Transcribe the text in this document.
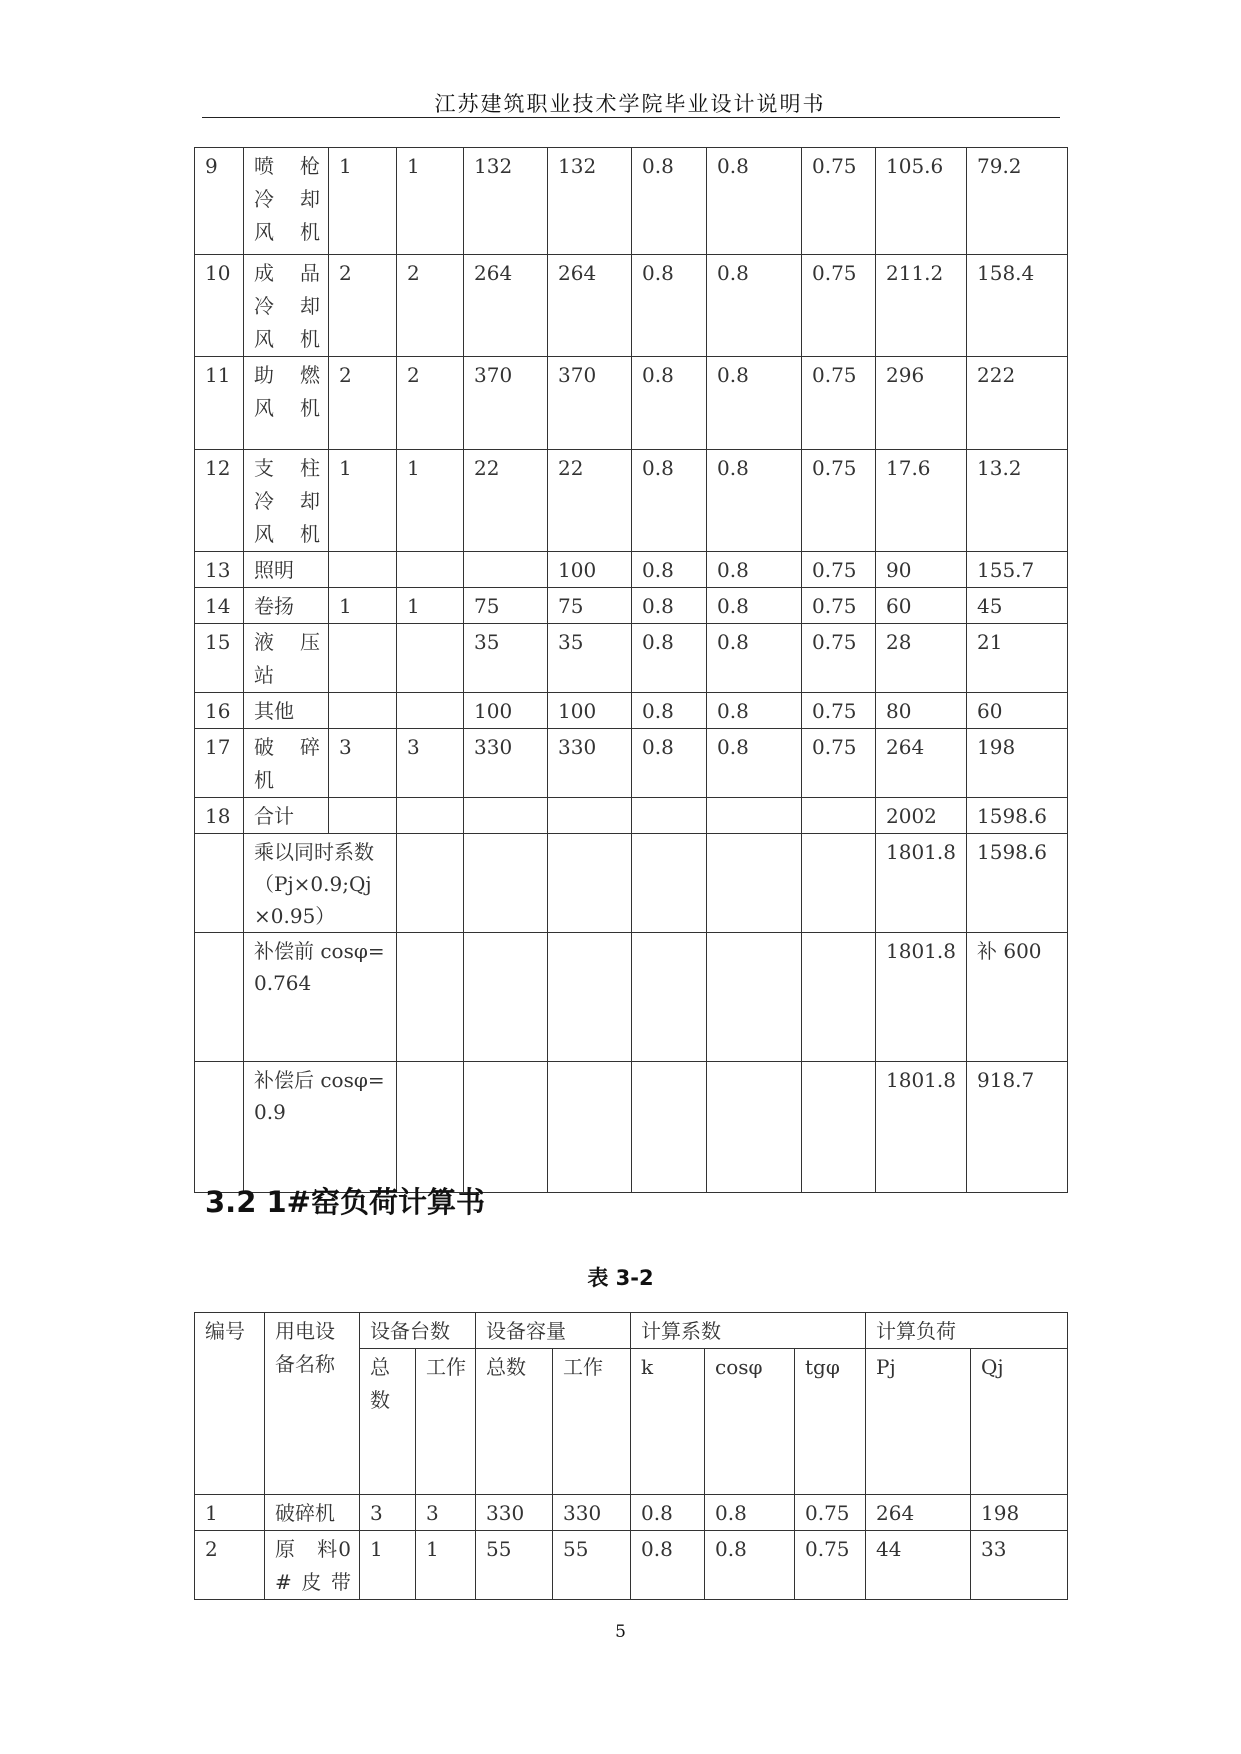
江苏建筑职业技术学院毕业设计说明书
9	喷　枪冷　却风机	1	1	132	132	0.8	0.8	0.75	105.6	79.2
10	成　品冷　却风机	2	2	264	264	0.8	0.8	0.75	211.2	158.4
11	助　燃风机	2	2	370	370	0.8	0.8	0.75	296	222
12	支　柱冷　却风机	1	1	22	22	0.8	0.8	0.75	17.6	13.2
13	照明				100	0.8	0.8	0.75	90	155.7
14	卷扬	1	1	75	75	0.8	0.8	0.75	60	45
15	液　压站			35	35	0.8	0.8	0.75	28	21
16	其他			100	100	0.8	0.8	0.75	80	60
17	破　碎机	3	3	330	330	0.8	0.8	0.75	264	198
18	合计								2002	1598.6
	乘以同时系数（Pj×0.9;Qj×0.95）								1801.8	1598.6
	补偿前 cosφ=0.764								1801.8	补 600
	补偿后 cosφ=0.9								1801.8	918.7
3.2 1#窑负荷计算书
表 3-2
编号	用电设备名称	设备台数		设备容量		计算系数			计算负荷	
		总数	工作	总数	工作	k	cosφ	tgφ	Pj	Qj
1	破碎机	3	3	330	330	0.8	0.8	0.75	264	198
2	原　料0#皮带	1	1	55	55	0.8	0.8	0.75	44	33
5
